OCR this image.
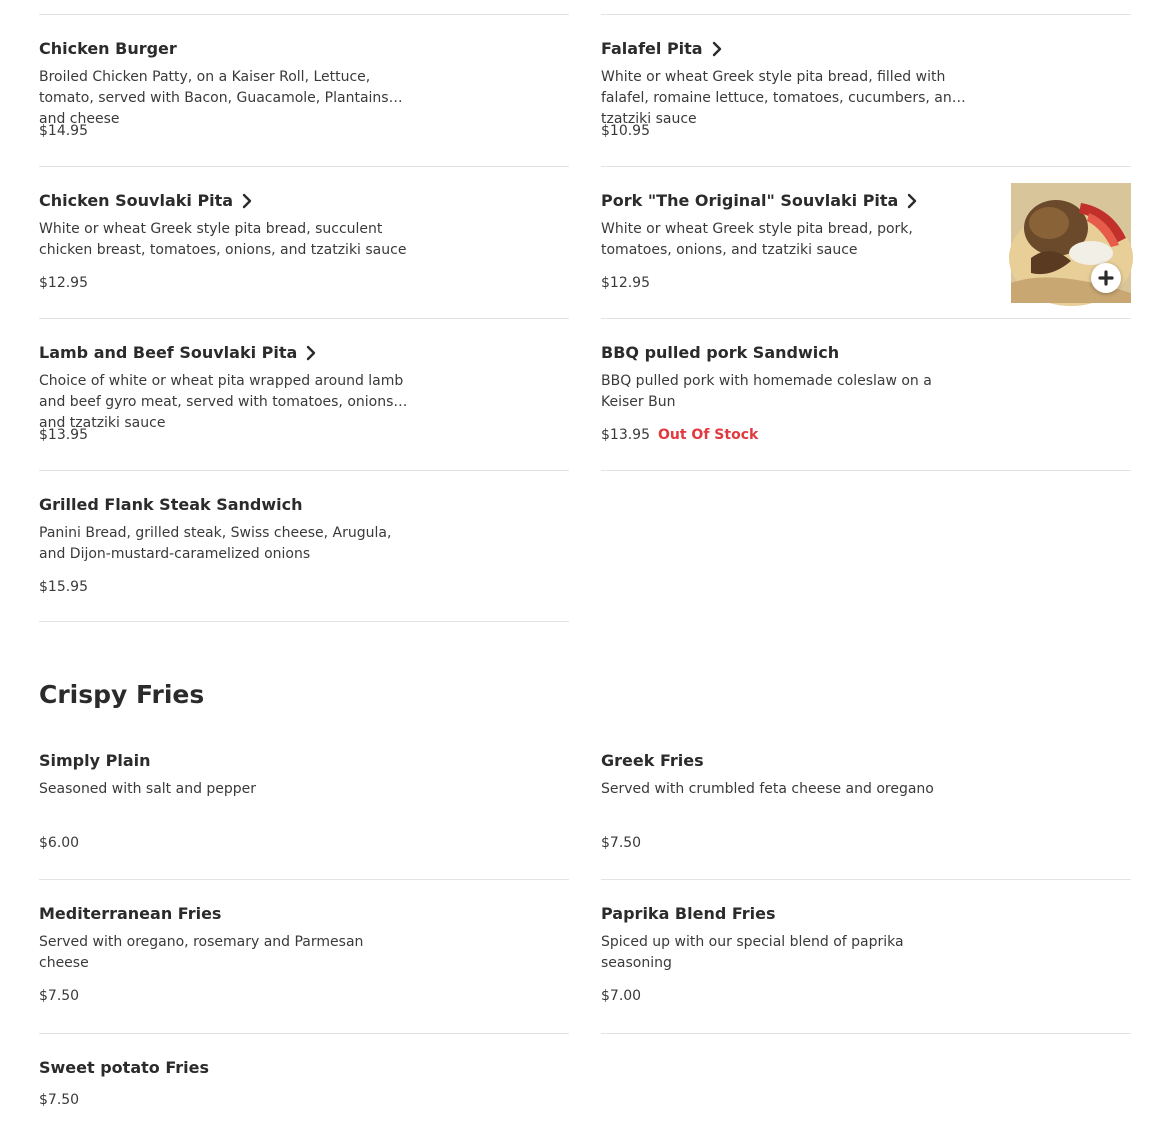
Chicken Burger
Broiled Chicken Patty, on a Kaiser Roll, Lettuce, tomato, served with Bacon, Guacamole, Plantains and cheese
$14.95
Falafel Pita
White or wheat Greek style pita bread, filled with falafel, romaine lettuce, tomatoes, cucumbers, and tzatziki sauce
$10.95
Chicken Souvlaki Pita
White or wheat Greek style pita bread, succulent chicken breast, tomatoes, onions, and tzatziki sauce
$12.95
Pork "The Original" Souvlaki Pita
White or wheat Greek style pita bread, pork, tomatoes, onions, and tzatziki sauce
$12.95
Lamb and Beef Souvlaki Pita
Choice of white or wheat pita wrapped around lamb and beef gyro meat, served with tomatoes, onions, and tzatziki sauce
$13.95
BBQ pulled pork Sandwich
BBQ pulled pork with homemade coleslaw on a Keiser Bun
$13.95 Out Of Stock
Grilled Flank Steak Sandwich
Panini Bread, grilled steak, Swiss cheese, Arugula, and Dijon-mustard-caramelized onions
$15.95
Crispy Fries
Simply Plain
Seasoned with salt and pepper
$6.00
Greek Fries
Served with crumbled feta cheese and oregano
$7.50
Mediterranean Fries
Served with oregano, rosemary and Parmesan cheese
$7.50
Paprika Blend Fries
Spiced up with our special blend of paprika seasoning
$7.00
Sweet potato Fries
$7.50
